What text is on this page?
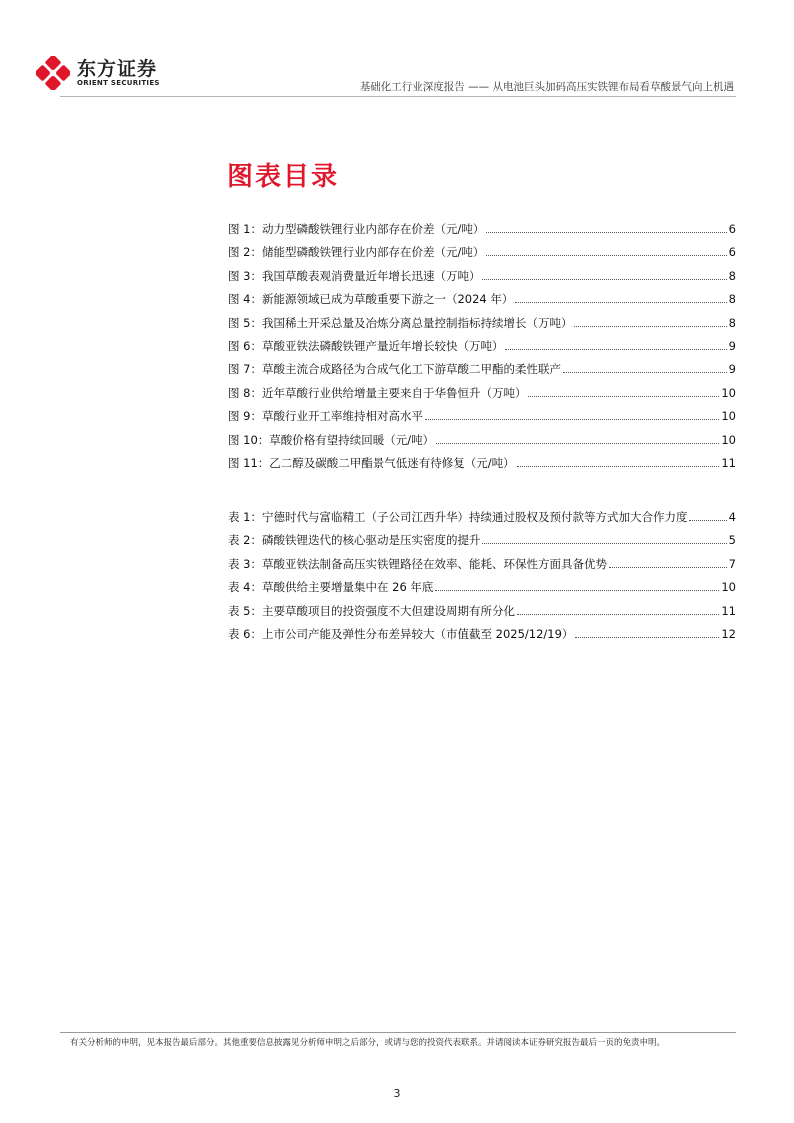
东方证券
ORIENT SECURITIES	基础化工行业深度报告 —— 从电池巨头加码高压实铁锂布局看草酸景气向上机遇
图表目录
图 1：动力型磷酸铁锂行业内部存在价差（元/吨）	6
图 2：储能型磷酸铁锂行业内部存在价差（元/吨）	6
图 3：我国草酸表观消费量近年增长迅速（万吨）	8
图 4：新能源领域已成为草酸重要下游之一（2024 年）	8
图 5：我国稀土开采总量及冶炼分离总量控制指标持续增长（万吨）	8
图 6：草酸亚铁法磷酸铁锂产量近年增长较快（万吨）	9
图 7：草酸主流合成路径为合成气化工下游草酸二甲酯的柔性联产	9
图 8：近年草酸行业供给增量主要来自于华鲁恒升（万吨）	10
图 9：草酸行业开工率维持相对高水平	10
图 10：草酸价格有望持续回暖（元/吨）	10
图 11：乙二醇及碳酸二甲酯景气低迷有待修复（元/吨）	11
表 1：宁德时代与富临精工（子公司江西升华）持续通过股权及预付款等方式加大合作力度	4
表 2：磷酸铁锂迭代的核心驱动是压实密度的提升	5
表 3：草酸亚铁法制备高压实铁锂路径在效率、能耗、环保性方面具备优势	7
表 4：草酸供给主要增量集中在 26 年底	10
表 5：主要草酸项目的投资强度不大但建设周期有所分化	11
表 6：上市公司产能及弹性分布差异较大（市值截至 2025/12/19）	12
有关分析师的申明，见本报告最后部分。其他重要信息披露见分析师申明之后部分，或请与您的投资代表联系。并请阅读本证券研究报告最后一页的免责申明。
3
